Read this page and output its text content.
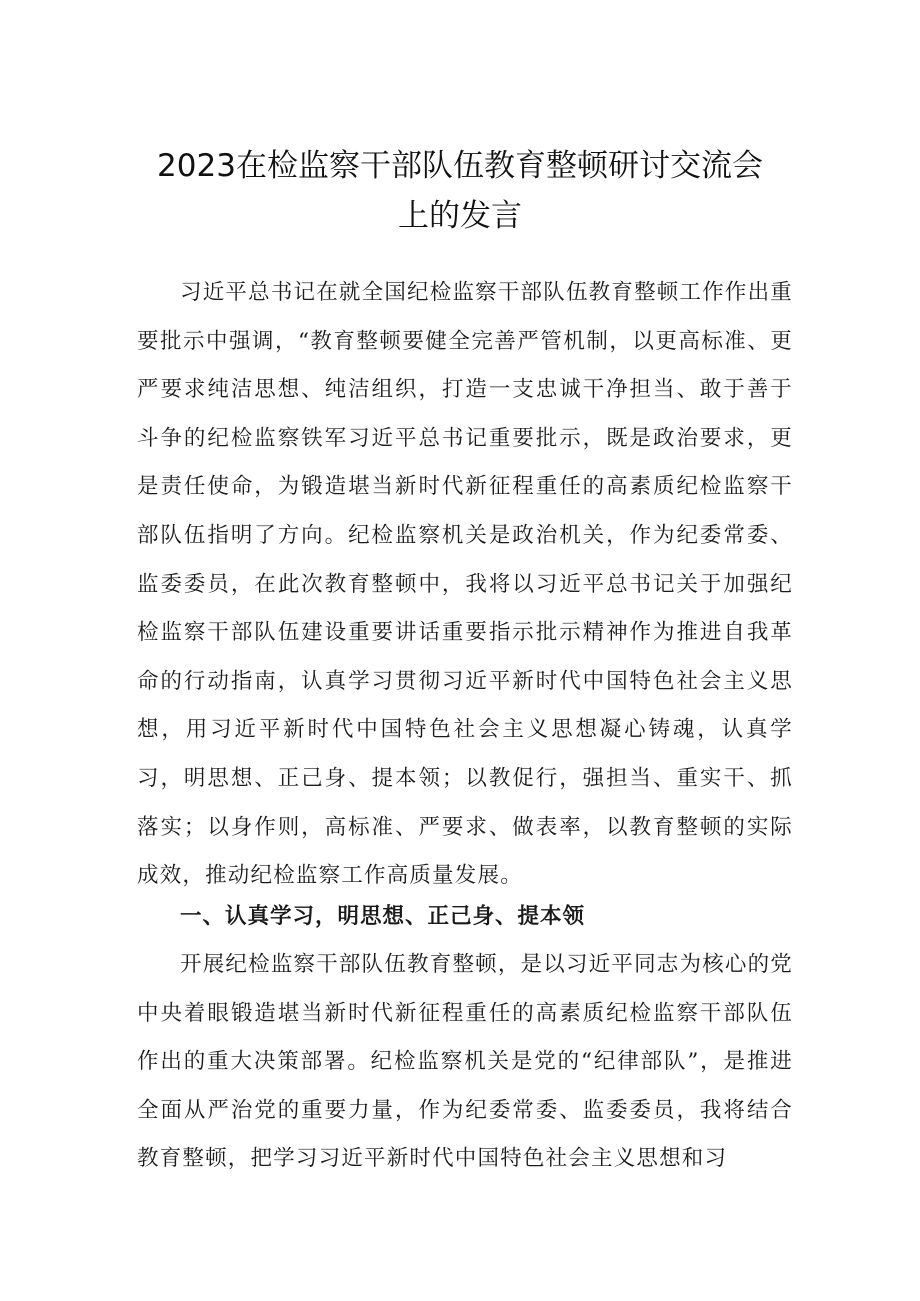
2023在检监察干部队伍教育整顿研讨交流会
上的发言

习近平总书记在就全国纪检监察干部队伍教育整顿工作作出重要批示中强调，“教育整顿要健全完善严管机制，以更高标准、更严要求纯洁思想、纯洁组织，打造一支忠诚干净担当、敢于善于斗争的纪检监察铁军习近平总书记重要批示，既是政治要求，更是责任使命，为锻造堪当新时代新征程重任的高素质纪检监察干部队伍指明了方向。纪检监察机关是政治机关，作为纪委常委、监委委员，在此次教育整顿中，我将以习近平总书记关于加强纪检监察干部队伍建设重要讲话重要指示批示精神作为推进自我革命的行动指南，认真学习贯彻习近平新时代中国特色社会主义思想，用习近平新时代中国特色社会主义思想凝心铸魂，认真学习，明思想、正己身、提本领；以教促行，强担当、重实干、抓落实；以身作则，高标准、严要求、做表率，以教育整顿的实际成效，推动纪检监察工作高质量发展。

一、认真学习，明思想、正己身、提本领

开展纪检监察干部队伍教育整顿，是以习近平同志为核心的党中央着眼锻造堪当新时代新征程重任的高素质纪检监察干部队伍作出的重大决策部署。纪检监察机关是党的“纪律部队”，是推进全面从严治党的重要力量，作为纪委常委、监委委员，我将结合教育整顿，把学习习近平新时代中国特色社会主义思想和习
